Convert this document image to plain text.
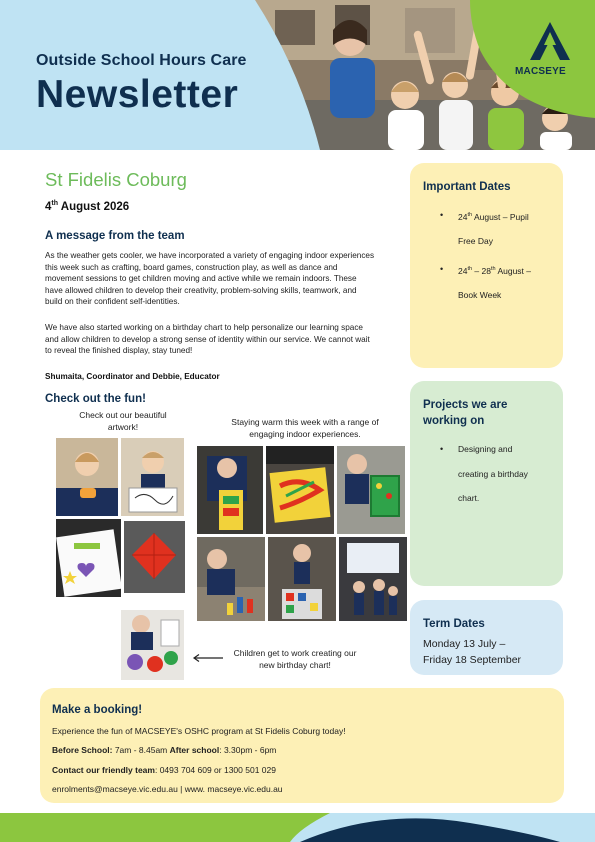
MACSEYE
Outside School Hours Care
Newsletter
St Fidelis Coburg
4th August 2026
A message from the team
As the weather gets cooler, we have incorporated a variety of engaging indoor experiences this week such as crafting, board games, construction play, as well as dance and movement sessions to get children moving and active while we remain indoors. These have allowed children to develop their creativity, problem-solving skills, teamwork, and build on their confident self-identities.
We have also started working on a birthday chart to help personalize our learning space and allow children to develop a strong sense of identity within our service. We cannot wait to reveal the finished display, stay tuned!
Shumaita, Coordinator and Debbie, Educator
Check out the fun!
Check out our beautiful artwork!	Staying warm this week with a range of engaging indoor experiences.
Children get to work creating our new birthday chart!
Important Dates
• 24th August – Pupil
Free Day
• 24th – 28th August –
Book Week
Projects we are working on
• Designing and
creating a birthday
chart.
Term Dates
Monday 13 July –
Friday 18 September
Make a booking!
Experience the fun of MACSEYE's OSHC program at St Fidelis Coburg today!
Before School: 7am - 8.45am After school: 3.30pm - 6pm
Contact our friendly team: 0493 704 609 or 1300 501 029
enrolments@macseye.vic.edu.au | www. macseye.vic.edu.au
